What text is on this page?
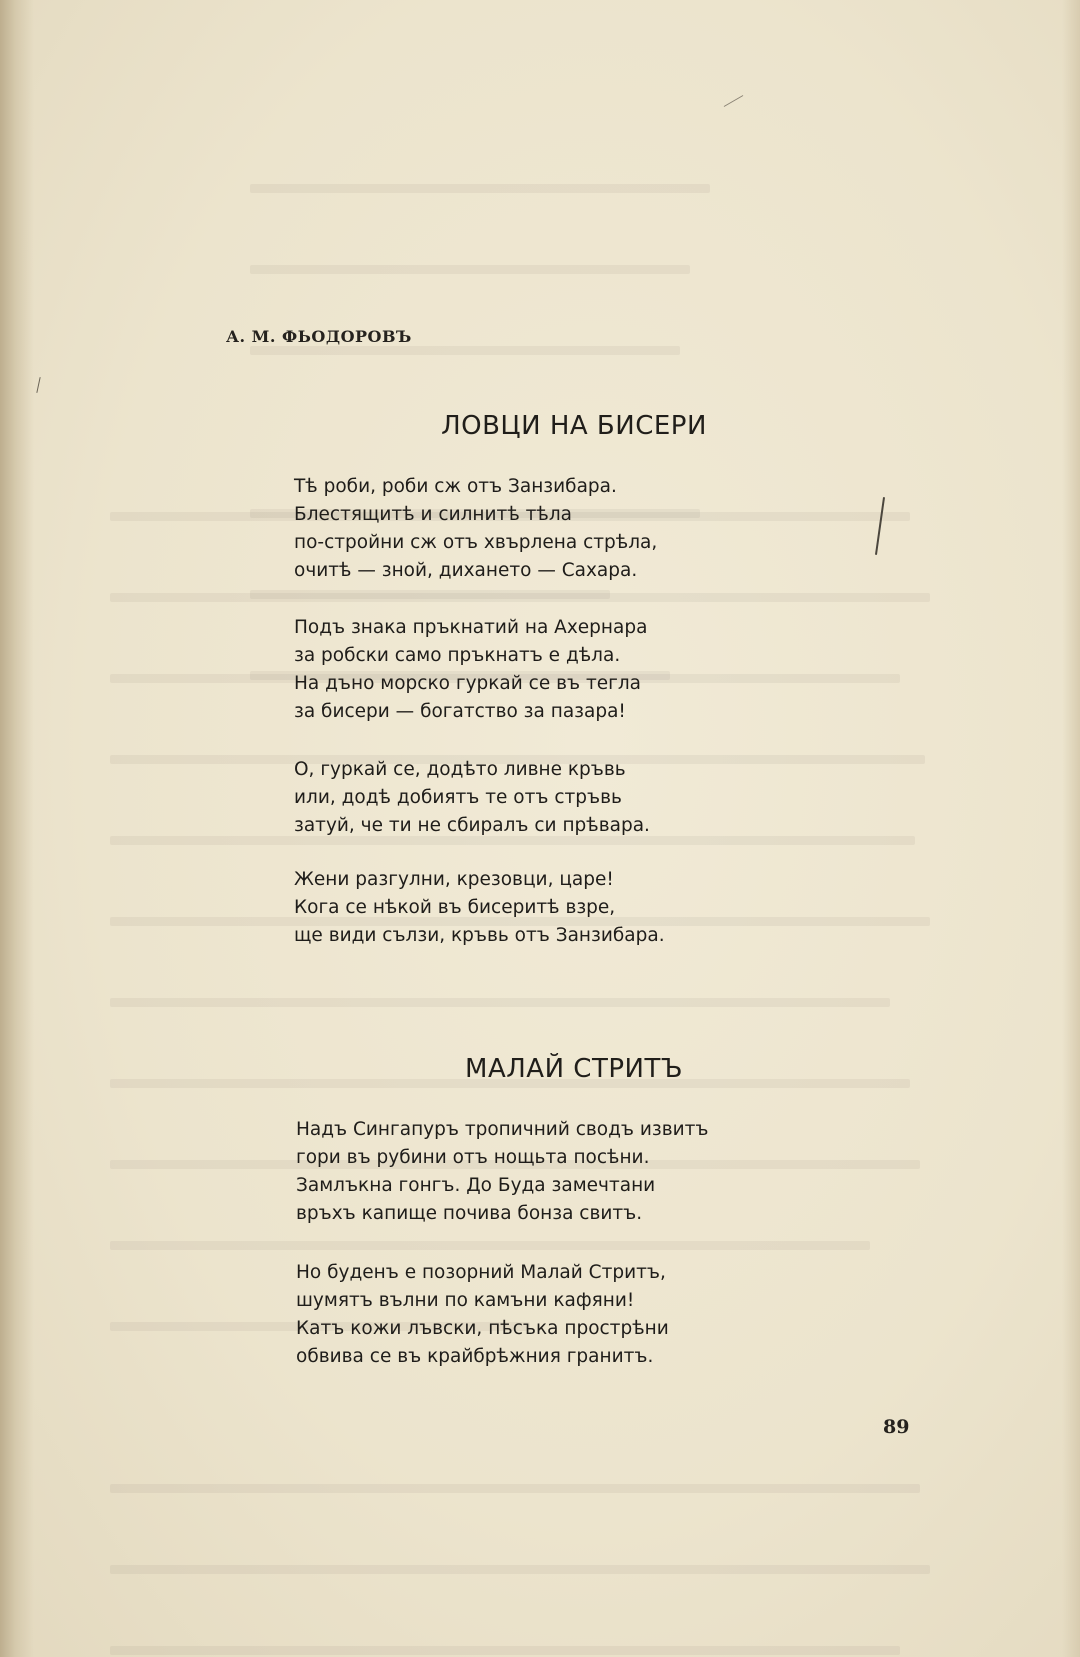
А. М. ФЬОДОРОВЪ
ЛОВЦИ НА БИСЕРИ
Тѣ роби, роби сж отъ Занзибара.
Блестящитѣ и силнитѣ тѣла
по-стройни сж отъ хвърлена стрѣла,
очитѣ — зной, диханeто — Сахара.
Подъ знака пръкнатий на Ахернара
за робски само пръкнатъ е дѣла.
На дъно морско гуркай се въ тегла
за бисери — богатство за пазара!
О, гуркай се, додѣто ливне кръвь
или, додѣ добиятъ те отъ стръвь
затуй, че ти не сбиралъ си прѣвара.
Жени разгулни, крезовци, царе!
Кога се нѣкой въ бисеритѣ взре,
ще види сълзи, кръвь отъ Занзибара.
МАЛАЙ СТРИТЪ
Надъ Сингапуръ тропичний сводъ извитъ
гори въ рубини отъ нощьта посѣни.
Замлъкна гонгъ. До Буда замечтани
връхъ капище почива бонза свитъ.
Но буденъ е позорний Малай Стритъ,
шумятъ вълни по камъни кафяни!
Катъ кожи лъвски, пѣсъка прострѣни
обвива се въ крайбрѣжния гранитъ.
89
